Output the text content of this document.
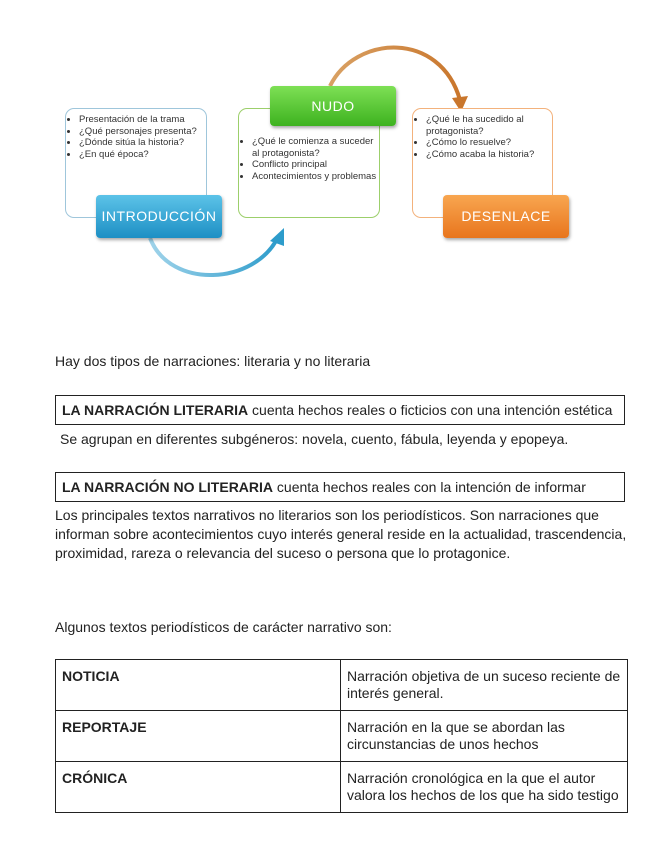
• Presentación de la trama
• ¿Qué personajes presenta?
• ¿Dónde sitúa la historia?
• ¿En qué época?
• ¿Qué le comienza a suceder al protagonista?
• Conflicto principal
• Acontecimientos y problemas
• ¿Qué le ha sucedido al protagonista?
• ¿Cómo lo resuelve?
• ¿Cómo acaba la historia?
INTRODUCCIÓN
NUDO
DESENLACE
Hay dos tipos de narraciones: literaria y no literaria
LA NARRACIÓN LITERARIA cuenta hechos reales o ficticios con una intención estética
Se agrupan en diferentes subgéneros: novela, cuento, fábula, leyenda y epopeya.
LA NARRACIÓN NO LITERARIA cuenta hechos reales con la intención de informar
Los principales textos narrativos no literarios son los periodísticos. Son narraciones que informan sobre acontecimientos cuyo interés general reside en la actualidad, trascendencia, proximidad, rareza o relevancia del suceso o persona que lo protagonice.
Algunos textos periodísticos de carácter narrativo son:
NOTICIA	Narración objetiva de un suceso reciente de interés general.
REPORTAJE	Narración en la que se abordan las circunstancias de unos hechos
CRÓNICA	Narración cronológica en la que el autor valora los hechos de los que ha sido testigo
